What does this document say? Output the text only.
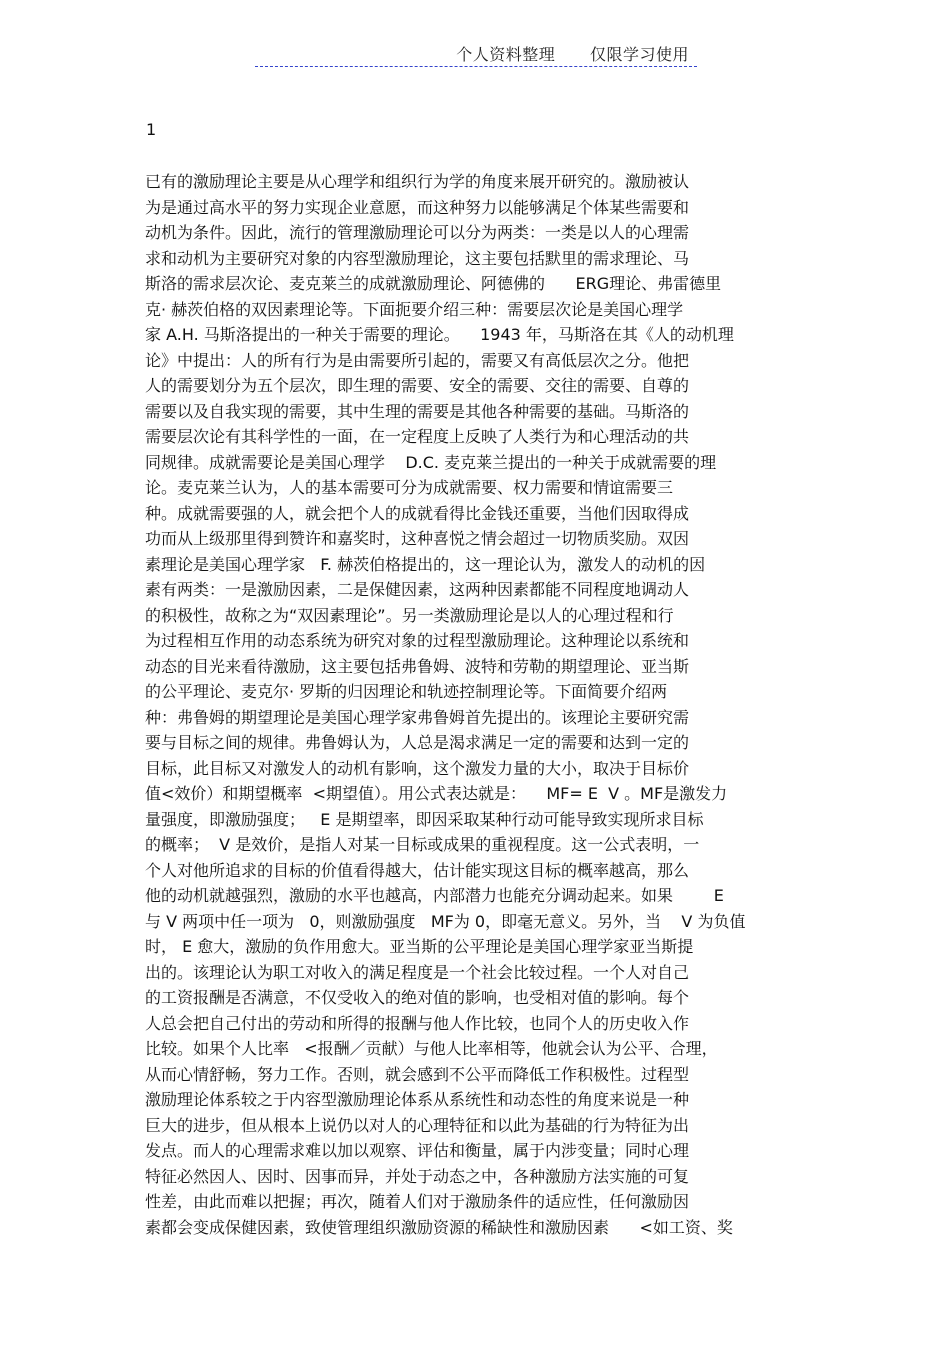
个人资料整理   仅限学习使用
1
已有的激励理论主要是从心理学和组织行为学的角度来展开研究的。激励被认
为是通过高水平的努力实现企业意愿，而这种努力以能够满足个体某些需要和
动机为条件。因此，流行的管理激励理论可以分为两类：一类是以人的心理需
求和动机为主要研究对象的内容型激励理论，这主要包括默里的需求理论、马
斯洛的需求层次论、麦克莱兰的成就激励理论、阿德佛的      ERG理论、弗雷德里
克· 赫茨伯格的双因素理论等。下面扼要介绍三种：需要层次论是美国心理学
家 A.H. 马斯洛提出的一种关于需要的理论。    1943 年，马斯洛在其《人的动机理
论》中提出：人的所有行为是由需要所引起的，需要又有高低层次之分。他把
人的需要划分为五个层次，即生理的需要、安全的需要、交往的需要、自尊的
需要以及自我实现的需要，其中生理的需要是其他各种需要的基础。马斯洛的
需要层次论有其科学性的一面，在一定程度上反映了人类行为和心理活动的共
同规律。成就需要论是美国心理学    D.C. 麦克莱兰提出的一种关于成就需要的理
论。麦克莱兰认为，人的基本需要可分为成就需要、权力需要和情谊需要三
种。成就需要强的人，就会把个人的成就看得比金钱还重要，当他们因取得成
功而从上级那里得到赞许和嘉奖时，这种喜悦之情会超过一切物质奖励。双因
素理论是美国心理学家   F. 赫茨伯格提出的，这一理论认为，激发人的动机的因
素有两类：一是激励因素，二是保健因素，这两种因素都能不同程度地调动人
的积极性，故称之为“双因素理论”。另一类激励理论是以人的心理过程和行
为过程相互作用的动态系统为研究对象的过程型激励理论。这种理论以系统和
动态的目光来看待激励，这主要包括弗鲁姆、波特和劳勒的期望理论、亚当斯
的公平理论、麦克尔· 罗斯的归因理论和轨迹控制理论等。下面简要介绍两
种：弗鲁姆的期望理论是美国心理学家弗鲁姆首先提出的。该理论主要研究需
要与目标之间的规律。弗鲁姆认为，人总是渴求满足一定的需要和达到一定的
目标，此目标又对激发人的动机有影响，这个激发力量的大小，取决于目标价
值<效价）和期望概率  <期望值）。用公式表达就是：    MF= E  V 。MF是激发力
量强度，即激励强度；   E 是期望率，即因采取某种行动可能导致实现所求目标
的概率；  V 是效价，是指人对某一目标或成果的重视程度。这一公式表明，一
个人对他所追求的目标的价值看得越大，估计能实现这目标的概率越高，那么
他的动机就越强烈，激励的水平也越高，内部潜力也能充分调动起来。如果        E
与 V 两项中任一项为   0，则激励强度   MF为 0，即毫无意义。另外，当    V 为负值
时， E 愈大，激励的负作用愈大。亚当斯的公平理论是美国心理学家亚当斯提
出的。该理论认为职工对收入的满足程度是一个社会比较过程。一个人对自己
的工资报酬是否满意，不仅受收入的绝对值的影响，也受相对值的影响。每个
人总会把自己付出的劳动和所得的报酬与他人作比较，也同个人的历史收入作
比较。如果个人比率   <报酬／贡献）与他人比率相等，他就会认为公平、合理，
从而心情舒畅，努力工作。否则，就会感到不公平而降低工作积极性。过程型
激励理论体系较之于内容型激励理论体系从系统性和动态性的角度来说是一种
巨大的进步，但从根本上说仍以对人的心理特征和以此为基础的行为特征为出
发点。而人的心理需求难以加以观察、评估和衡量，属于内涉变量；同时心理
特征必然因人、因时、因事而异，并处于动态之中，各种激励方法实施的可复
性差，由此而难以把握；再次，随着人们对于激励条件的适应性，任何激励因
素都会变成保健因素，致使管理组织激励资源的稀缺性和激励因素      <如工资、奖
